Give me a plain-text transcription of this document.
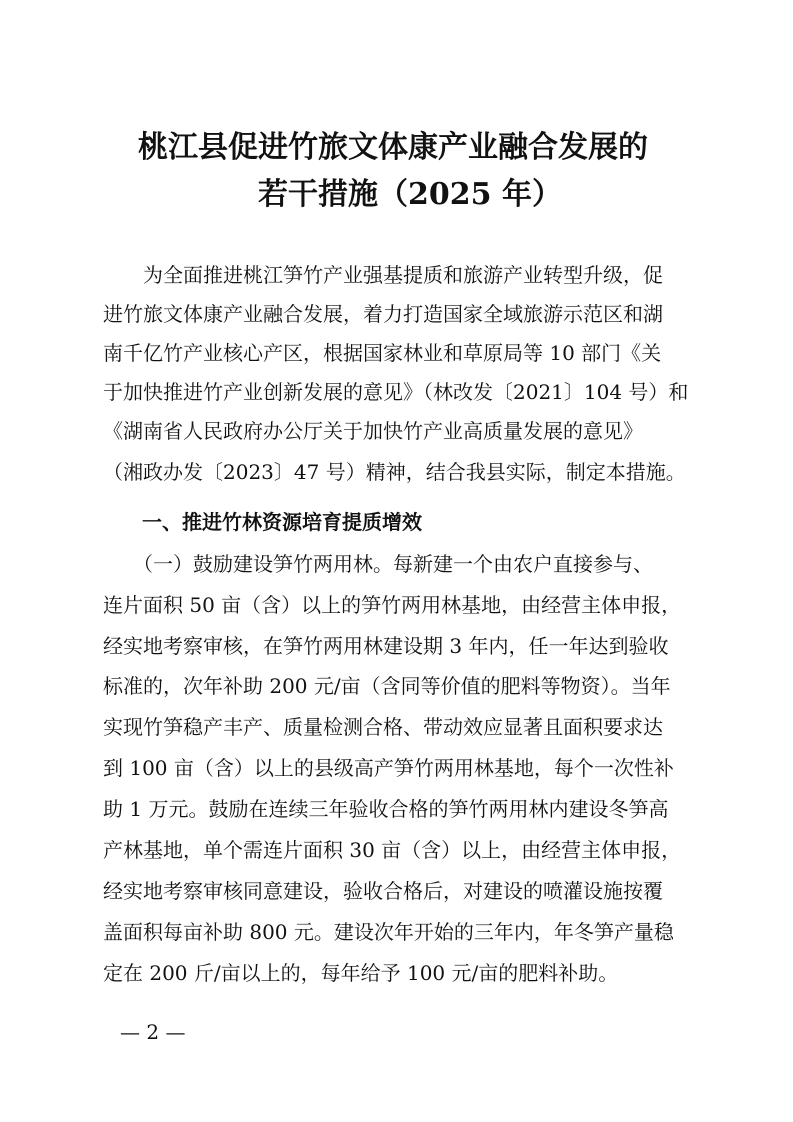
桃江县促进竹旅文体康产业融合发展的
若干措施（2025 年）

　　为全面推进桃江笋竹产业强基提质和旅游产业转型升级，促

进竹旅文体康产业融合发展，着力打造国家全域旅游示范区和湖

南千亿竹产业核心产区，根据国家林业和草原局等 10 部门《关

于加快推进竹产业创新发展的意见》（林改发〔2021〕104 号）和

《湖南省人民政府办公厅关于加快竹产业高质量发展的意见》

（湘政办发〔2023〕47 号）精神，结合我县实际，制定本措施。

一、推进竹林资源培育提质增效

　　（一）鼓励建设笋竹两用林。每新建一个由农户直接参与、

连片面积 50 亩（含）以上的笋竹两用林基地，由经营主体申报，

经实地考察审核，在笋竹两用林建设期 3 年内，任一年达到验收

标准的，次年补助 200 元/亩（含同等价值的肥料等物资）。当年

实现竹笋稳产丰产、质量检测合格、带动效应显著且面积要求达

到 100 亩（含）以上的县级高产笋竹两用林基地，每个一次性补

助 1 万元。鼓励在连续三年验收合格的笋竹两用林内建设冬笋高

产林基地，单个需连片面积 30 亩（含）以上，由经营主体申报，

经实地考察审核同意建设，验收合格后，对建设的喷灌设施按覆

盖面积每亩补助 800 元。建设次年开始的三年内，年冬笋产量稳

定在 200 斤/亩以上的，每年给予 100 元/亩的肥料补助。

— 2 —
